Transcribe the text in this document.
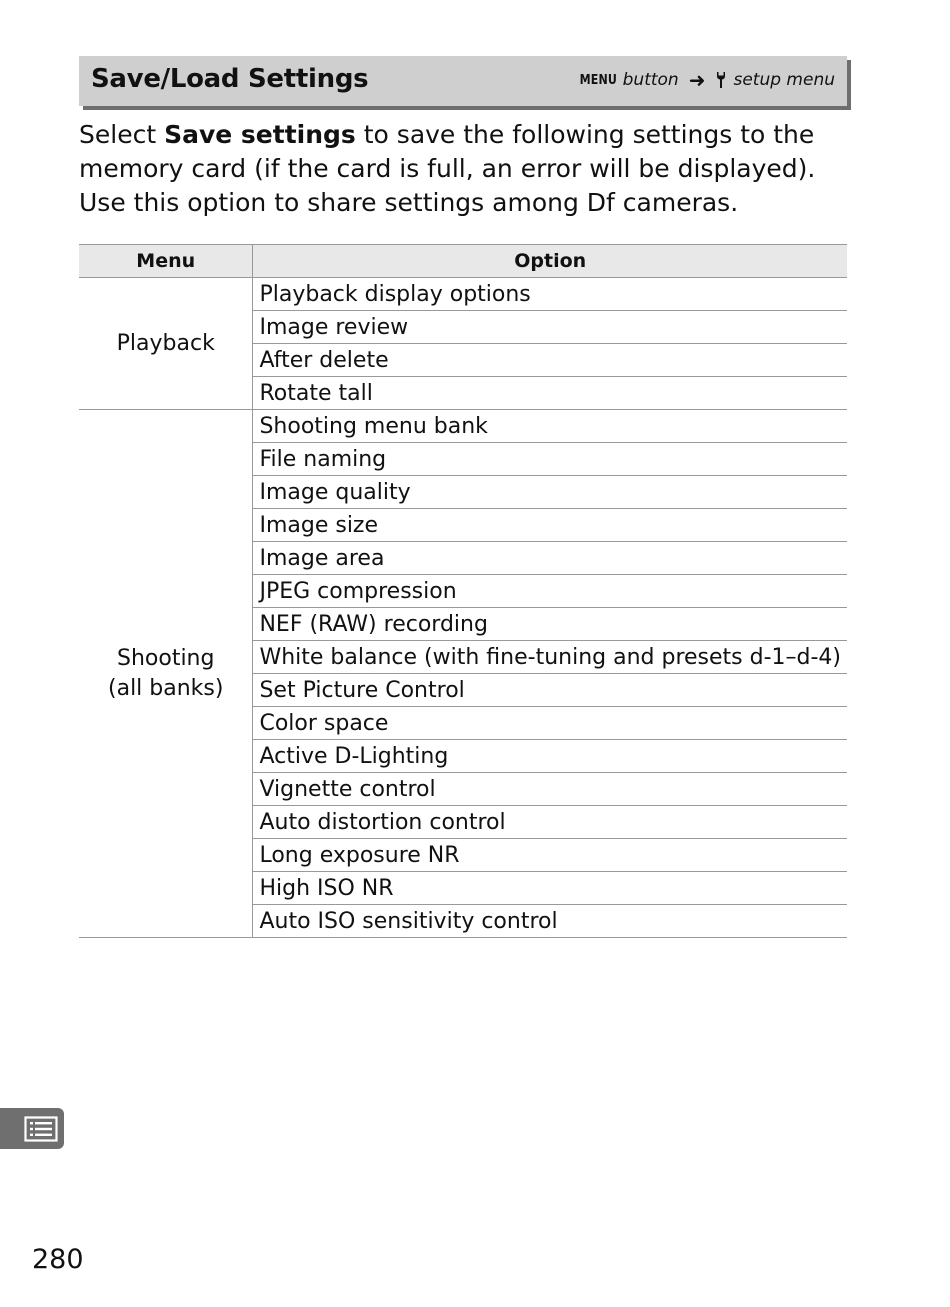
Save/Load Settings	MENU button ➜ setup menu
Select Save settings to save the following settings to the memory card (if the card is full, an error will be displayed). Use this option to share settings among Df cameras.
Menu	Option

Playback	Playback display options
	Image review
	After delete
	Rotate tall

Shooting
(all banks)	Shooting menu bank
	File naming
	Image quality
	Image size
	Image area
	JPEG compression
	NEF (RAW) recording
	White balance (with fine-tuning and presets d-1–d-4)
	Set Picture Control
	Color space
	Active D-Lighting
	Vignette control
	Auto distortion control
	Long exposure NR
	High ISO NR
	Auto ISO sensitivity control
280
